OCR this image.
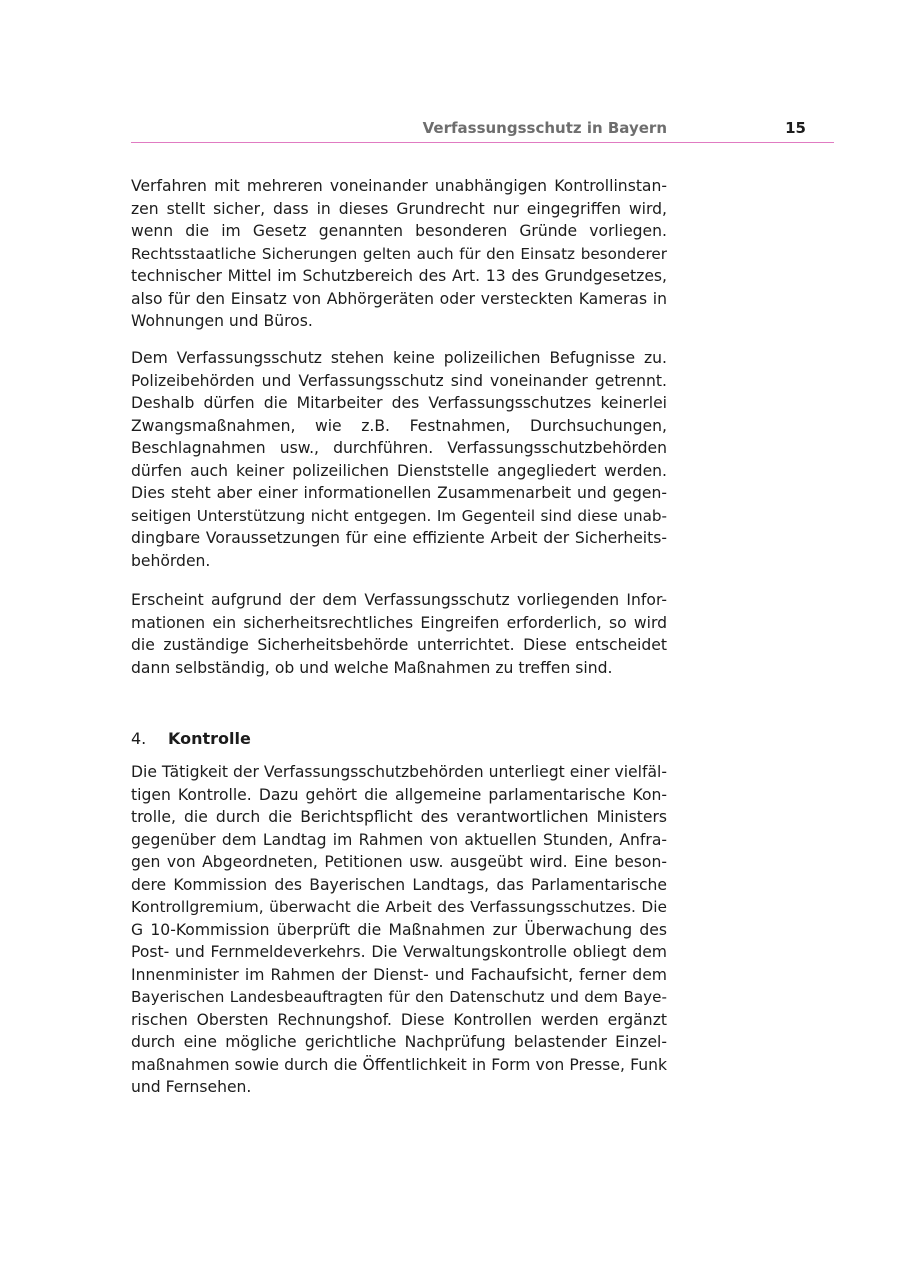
Verfassungsschutz in Bayern	15
Verfahren mit mehreren voneinander unabhängigen Kontrollinstan-
zen stellt sicher, dass in dieses Grundrecht nur eingegriffen wird,
wenn die im Gesetz genannten besonderen Gründe vorliegen.
Rechtsstaatliche Sicherungen gelten auch für den Einsatz besonderer
technischer Mittel im Schutzbereich des Art. 13 des Grundgesetzes,
also für den Einsatz von Abhörgeräten oder versteckten Kameras in
Wohnungen und Büros.
Dem Verfassungsschutz stehen keine polizeilichen Befugnisse zu.
Polizeibehörden und Verfassungsschutz sind voneinander getrennt.
Deshalb dürfen die Mitarbeiter des Verfassungsschutzes keinerlei
Zwangsmaßnahmen, wie z.B. Festnahmen, Durchsuchungen,
Beschlagnahmen usw., durchführen. Verfassungsschutzbehörden
dürfen auch keiner polizeilichen Dienststelle angegliedert werden.
Dies steht aber einer informationellen Zusammenarbeit und gegen-
seitigen Unterstützung nicht entgegen. Im Gegenteil sind diese unab-
dingbare Voraussetzungen für eine effiziente Arbeit der Sicherheits-
behörden.
Erscheint aufgrund der dem Verfassungsschutz vorliegenden Infor-
mationen ein sicherheitsrechtliches Eingreifen erforderlich, so wird
die zuständige Sicherheitsbehörde unterrichtet. Diese entscheidet
dann selbständig, ob und welche Maßnahmen zu treffen sind.
4. Kontrolle
Die Tätigkeit der Verfassungsschutzbehörden unterliegt einer vielfäl-
tigen Kontrolle. Dazu gehört die allgemeine parlamentarische Kon-
trolle, die durch die Berichtspflicht des verantwortlichen Ministers
gegenüber dem Landtag im Rahmen von aktuellen Stunden, Anfra-
gen von Abgeordneten, Petitionen usw. ausgeübt wird. Eine beson-
dere Kommission des Bayerischen Landtags, das Parlamentarische
Kontrollgremium, überwacht die Arbeit des Verfassungsschutzes. Die
G 10-Kommission überprüft die Maßnahmen zur Überwachung des
Post- und Fernmeldeverkehrs. Die Verwaltungskontrolle obliegt dem
Innenminister im Rahmen der Dienst- und Fachaufsicht, ferner dem
Bayerischen Landesbeauftragten für den Datenschutz und dem Baye-
rischen Obersten Rechnungshof. Diese Kontrollen werden ergänzt
durch eine mögliche gerichtliche Nachprüfung belastender Einzel-
maßnahmen sowie durch die Öffentlichkeit in Form von Presse, Funk
und Fernsehen.
